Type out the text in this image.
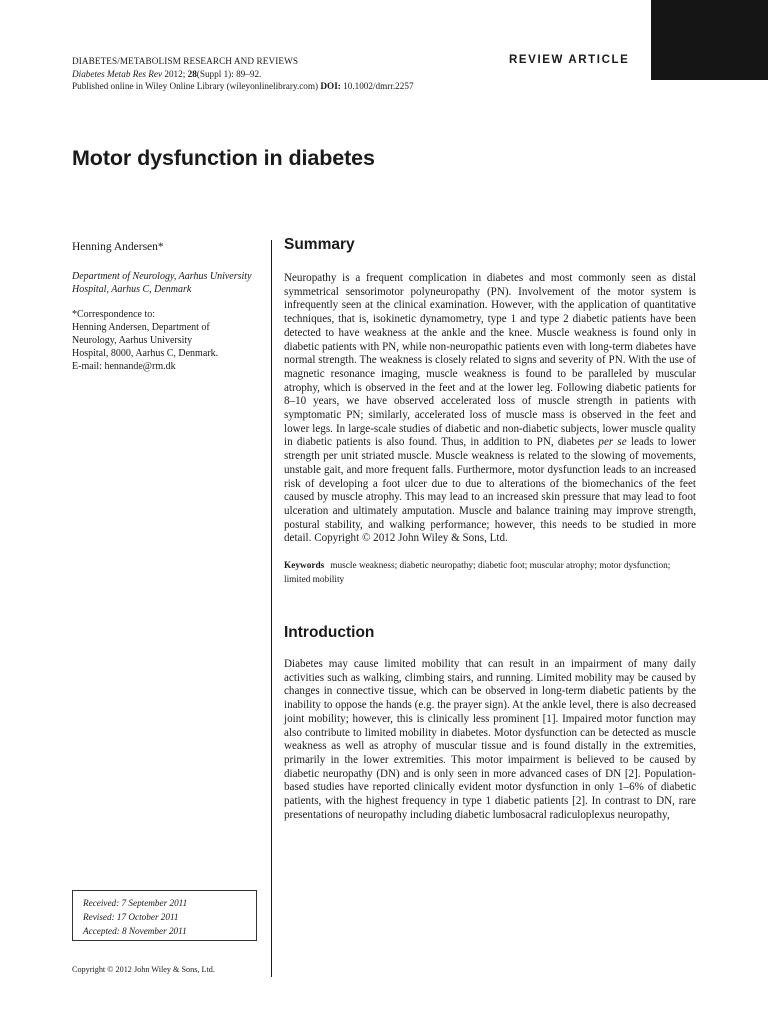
DIABETES/METABOLISM RESEARCH AND REVIEWS
Diabetes Metab Res Rev 2012; 28(Suppl 1): 89–92.
Published online in Wiley Online Library (wileyonlinelibrary.com) DOI: 10.1002/dmrr.2257
REVIEW ARTICLE
Motor dysfunction in diabetes
Henning Andersen*
Department of Neurology, Aarhus University Hospital, Aarhus C, Denmark
*Correspondence to:
Henning Andersen, Department of
Neurology, Aarhus University
Hospital, 8000, Aarhus C, Denmark.
E-mail: hennande@rm.dk
Summary
Neuropathy is a frequent complication in diabetes and most commonly seen as distal symmetrical sensorimotor polyneuropathy (PN). Involvement of the motor system is infrequently seen at the clinical examination. However, with the application of quantitative techniques, that is, isokinetic dynamometry, type 1 and type 2 diabetic patients have been detected to have weakness at the ankle and the knee. Muscle weakness is found only in diabetic patients with PN, while non-neuropathic patients even with long-term diabetes have normal strength. The weakness is closely related to signs and severity of PN. With the use of magnetic resonance imaging, muscle weakness is found to be paralleled by muscular atrophy, which is observed in the feet and at the lower leg. Following diabetic patients for 8–10 years, we have observed accelerated loss of muscle strength in patients with symptomatic PN; similarly, accelerated loss of muscle mass is observed in the feet and lower legs. In large-scale studies of diabetic and non-diabetic subjects, lower muscle quality in diabetic patients is also found. Thus, in addition to PN, diabetes per se leads to lower strength per unit striated muscle. Muscle weakness is related to the slowing of movements, unstable gait, and more frequent falls. Furthermore, motor dysfunction leads to an increased risk of developing a foot ulcer due to due to alterations of the biomechanics of the feet caused by muscle atrophy. This may lead to an increased skin pressure that may lead to foot ulceration and ultimately amputation. Muscle and balance training may improve strength, postural stability, and walking performance; however, this needs to be studied in more detail. Copyright © 2012 John Wiley & Sons, Ltd.
Keywords muscle weakness; diabetic neuropathy; diabetic foot; muscular atrophy; motor dysfunction; limited mobility
Introduction
Diabetes may cause limited mobility that can result in an impairment of many daily activities such as walking, climbing stairs, and running. Limited mobility may be caused by changes in connective tissue, which can be observed in long-term diabetic patients by the inability to oppose the hands (e.g. the prayer sign). At the ankle level, there is also decreased joint mobility; however, this is clinically less prominent [1]. Impaired motor function may also contribute to limited mobility in diabetes. Motor dysfunction can be detected as muscle weakness as well as atrophy of muscular tissue and is found distally in the extremities, primarily in the lower extremities. This motor impairment is believed to be caused by diabetic neuropathy (DN) and is only seen in more advanced cases of DN [2]. Population-based studies have reported clinically evident motor dysfunction in only 1–6% of diabetic patients, with the highest frequency in type 1 diabetic patients [2]. In contrast to DN, rare presentations of neuropathy including diabetic lumbosacral radiculoplexus neuropathy,
Received: 7 September 2011
Revised: 17 October 2011
Accepted: 8 November 2011
Copyright © 2012 John Wiley & Sons, Ltd.
